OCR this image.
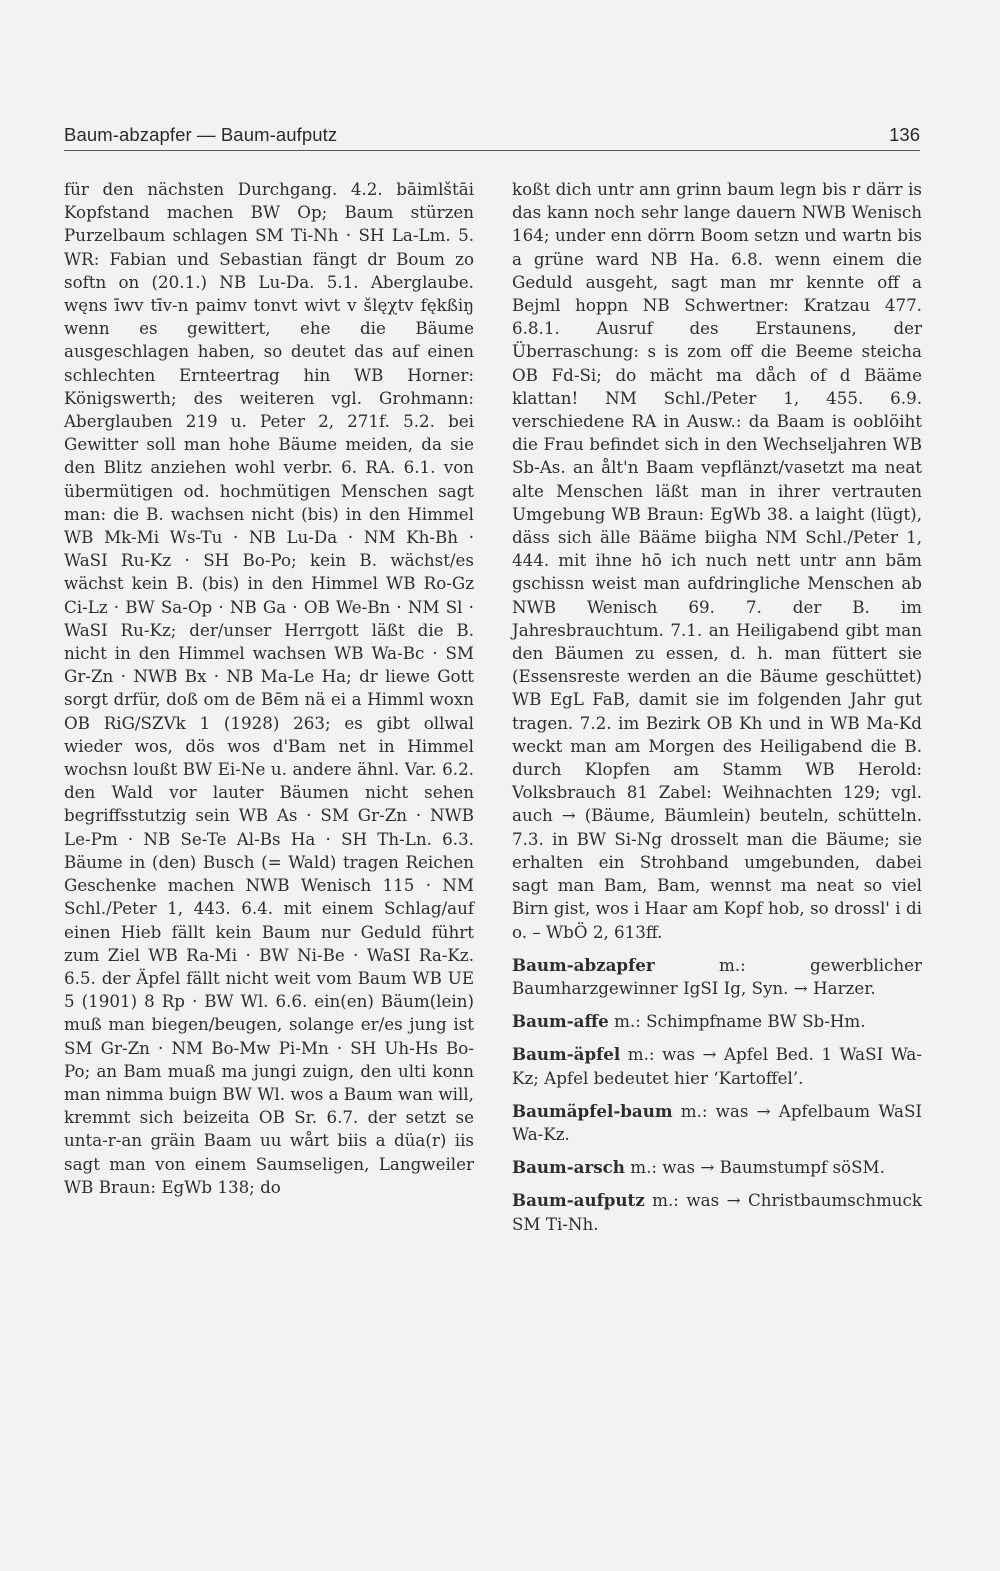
Baum-abzapfer — Baum-aufputz	136

für den nächsten Durchgang. 4.2. bāimlštāi Kopfstand machen BW Op; Baum stürzen Purzelbaum schlagen SM Ti-Nh · SH La-Lm. 5. WR: Fabian und Sebastian fängt dr Boum zo softn on (20.1.) NB Lu-Da. 5.1. Aberglaube. węns īwv tīv-n paimv tonvt wivt v šlęχtv fękßiŋ wenn es gewittert, ehe die Bäume ausgeschlagen haben, so deutet das auf einen schlechten Ernteertrag hin WB Horner: Königswerth; des weiteren vgl. Grohmann: Aberglauben 219 u. Peter 2, 271f. 5.2. bei Gewitter soll man hohe Bäume meiden, da sie den Blitz anziehen wohl verbr. 6. RA. 6.1. von übermütigen od. hochmütigen Menschen sagt man: die B. wachsen nicht (bis) in den Himmel WB Mk-Mi Ws-Tu · NB Lu-Da · NM Kh-Bh · WaSI Ru-Kz · SH Bo-Po; kein B. wächst/es wächst kein B. (bis) in den Himmel WB Ro-Gz Ci-Lz · BW Sa-Op · NB Ga · OB We-Bn · NM Sl · WaSI Ru-Kz; der/unser Herrgott läßt die B. nicht in den Himmel wachsen WB Wa-Bc · SM Gr-Zn · NWB Bx · NB Ma-Le Ha; dr liewe Gott sorgt drfür, doß om de Bēm nä ei a Himml woxn OB RiG/SZVk 1 (1928) 263; es gibt ollwal wieder wos, dös wos d'Bam net in Himmel wochsn loußt BW Ei-Ne u. andere ähnl. Var. 6.2. den Wald vor lauter Bäumen nicht sehen begriffsstutzig sein WB As · SM Gr-Zn · NWB Le-Pm · NB Se-Te Al-Bs Ha · SH Th-Ln. 6.3. Bäume in (den) Busch (= Wald) tragen Reichen Geschenke machen NWB Wenisch 115 · NM Schl./Peter 1, 443. 6.4. mit einem Schlag/auf einen Hieb fällt kein Baum nur Geduld führt zum Ziel WB Ra-Mi · BW Ni-Be · WaSI Ra-Kz. 6.5. der Äpfel fällt nicht weit vom Baum WB UE 5 (1901) 8 Rp · BW Wl. 6.6. ein(en) Bäum(lein) muß man biegen/beugen, solange er/es jung ist SM Gr-Zn · NM Bo-Mw Pi-Mn · SH Uh-Hs Bo-Po; an Bam muaß ma jungi zuign, den ulti konn man nimma buign BW Wl. wos a Baum wan will, kremmt sich beizeita OB Sr. 6.7. der setzt se unta-r-an gräin Baam uu wårt biis a düa(r) iis sagt man von einem Saumseligen, Langweiler WB Braun: EgWb 138; do

koßt dich untr ann grinn baum legn bis r därr is das kann noch sehr lange dauern NWB Wenisch 164; under enn dörrn Boom setzn und wartn bis a grüne ward NB Ha. 6.8. wenn einem die Geduld ausgeht, sagt man mr kennte off a Bejml hoppn NB Schwertner: Kratzau 477. 6.8.1. Ausruf des Erstaunens, der Überraschung: s is zom off die Beeme steicha OB Fd-Si; do mächt ma dåch of d Bääme klattan! NM Schl./Peter 1, 455. 6.9. verschiedene RA in Ausw.: da Baam is ooblöiht die Frau befindet sich in den Wechseljahren WB Sb-As. an ålt'n Baam vepflänzt/vasetzt ma neat alte Menschen läßt man in ihrer vertrauten Umgebung WB Braun: EgWb 38. a laight (lügt), däss sich älle Bääme biigha NM Schl./Peter 1, 444. mit ihne hō ich nuch nett untr ann bām gschissn weist man aufdringliche Menschen ab NWB Wenisch 69. 7. der B. im Jahresbrauchtum. 7.1. an Heiligabend gibt man den Bäumen zu essen, d. h. man füttert sie (Essensreste werden an die Bäume geschüttet) WB EgL FaB, damit sie im folgenden Jahr gut tragen. 7.2. im Bezirk OB Kh und in WB Ma-Kd weckt man am Morgen des Heiligabend die B. durch Klopfen am Stamm WB Herold: Volksbrauch 81 Zabel: Weihnachten 129; vgl. auch → (Bäume, Bäumlein) beuteln, schütteln. 7.3. in BW Si-Ng drosselt man die Bäume; sie erhalten ein Strohband umgebunden, dabei sagt man Bam, Bam, wennst ma neat so viel Birn gist, wos i Haar am Kopf hob, so drossl' i di o. – WbÖ 2, 613ff.

Baum-abzapfer m.: gewerblicher Baumharzgewinner IgSI Ig, Syn. → Harzer.

Baum-affe m.: Schimpfname BW Sb-Hm.

Baum-äpfel m.: was → Apfel Bed. 1 WaSI Wa-Kz; Apfel bedeutet hier ‘Kartoffel’.

Baumäpfel-baum m.: was → Apfelbaum WaSI Wa-Kz.

Baum-arsch m.: was → Baumstumpf söSM.

Baum-aufputz m.: was → Christbaumschmuck SM Ti-Nh.
